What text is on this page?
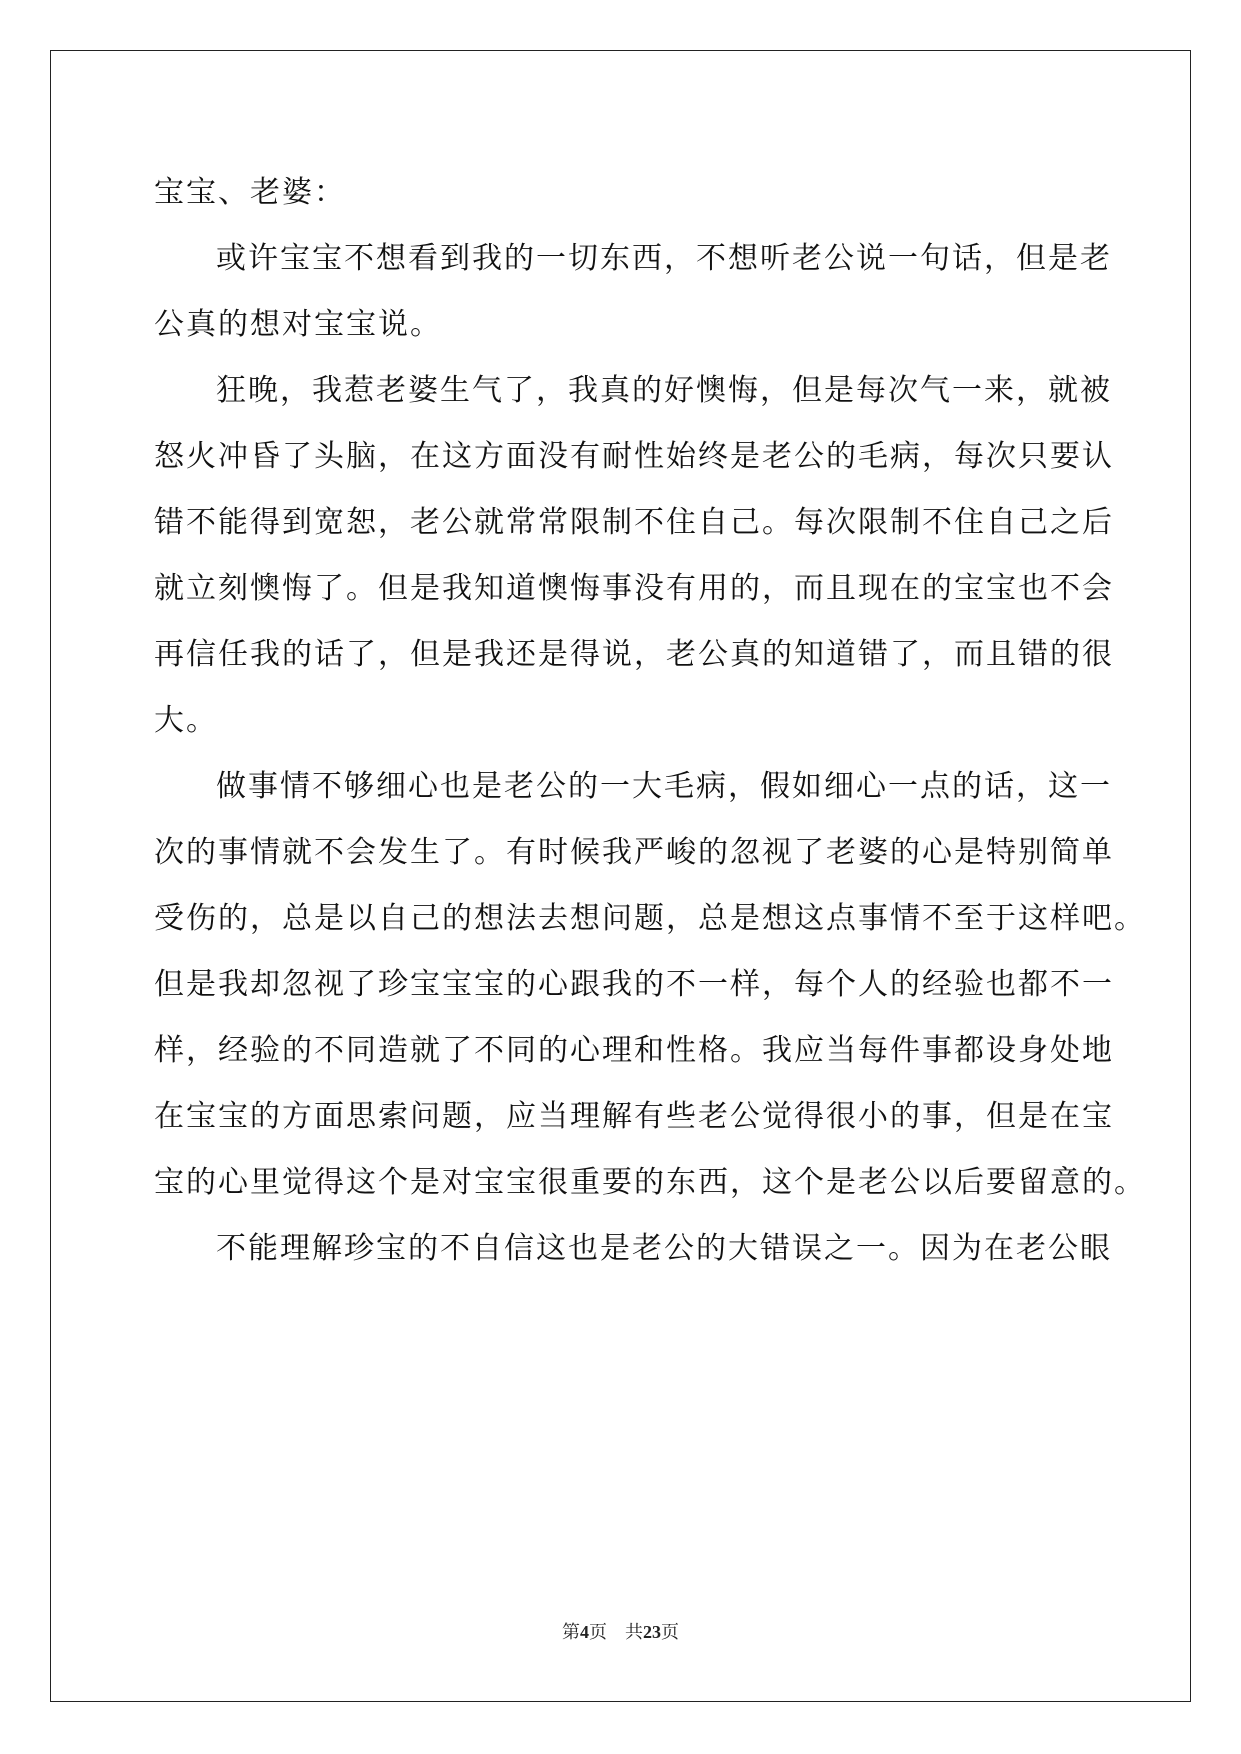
宝宝、老婆：
或许宝宝不想看到我的一切东西，不想听老公说一句话，但是老
公真的想对宝宝说。
狂晚，我惹老婆生气了，我真的好懊悔，但是每次气一来，就被
怒火冲昏了头脑，在这方面没有耐性始终是老公的毛病，每次只要认
错不能得到宽恕，老公就常常限制不住自己。每次限制不住自己之后
就立刻懊悔了。但是我知道懊悔事没有用的，而且现在的宝宝也不会
再信任我的话了，但是我还是得说，老公真的知道错了，而且错的很
大。
做事情不够细心也是老公的一大毛病，假如细心一点的话，这一
次的事情就不会发生了。有时候我严峻的忽视了老婆的心是特别简单
受伤的，总是以自己的想法去想问题，总是想这点事情不至于这样吧。
但是我却忽视了珍宝宝宝的心跟我的不一样，每个人的经验也都不一
样，经验的不同造就了不同的心理和性格。我应当每件事都设身处地
在宝宝的方面思索问题，应当理解有些老公觉得很小的事，但是在宝
宝的心里觉得这个是对宝宝很重要的东西，这个是老公以后要留意的。
不能理解珍宝的不自信这也是老公的大错误之一。因为在老公眼
第4页 共23页
